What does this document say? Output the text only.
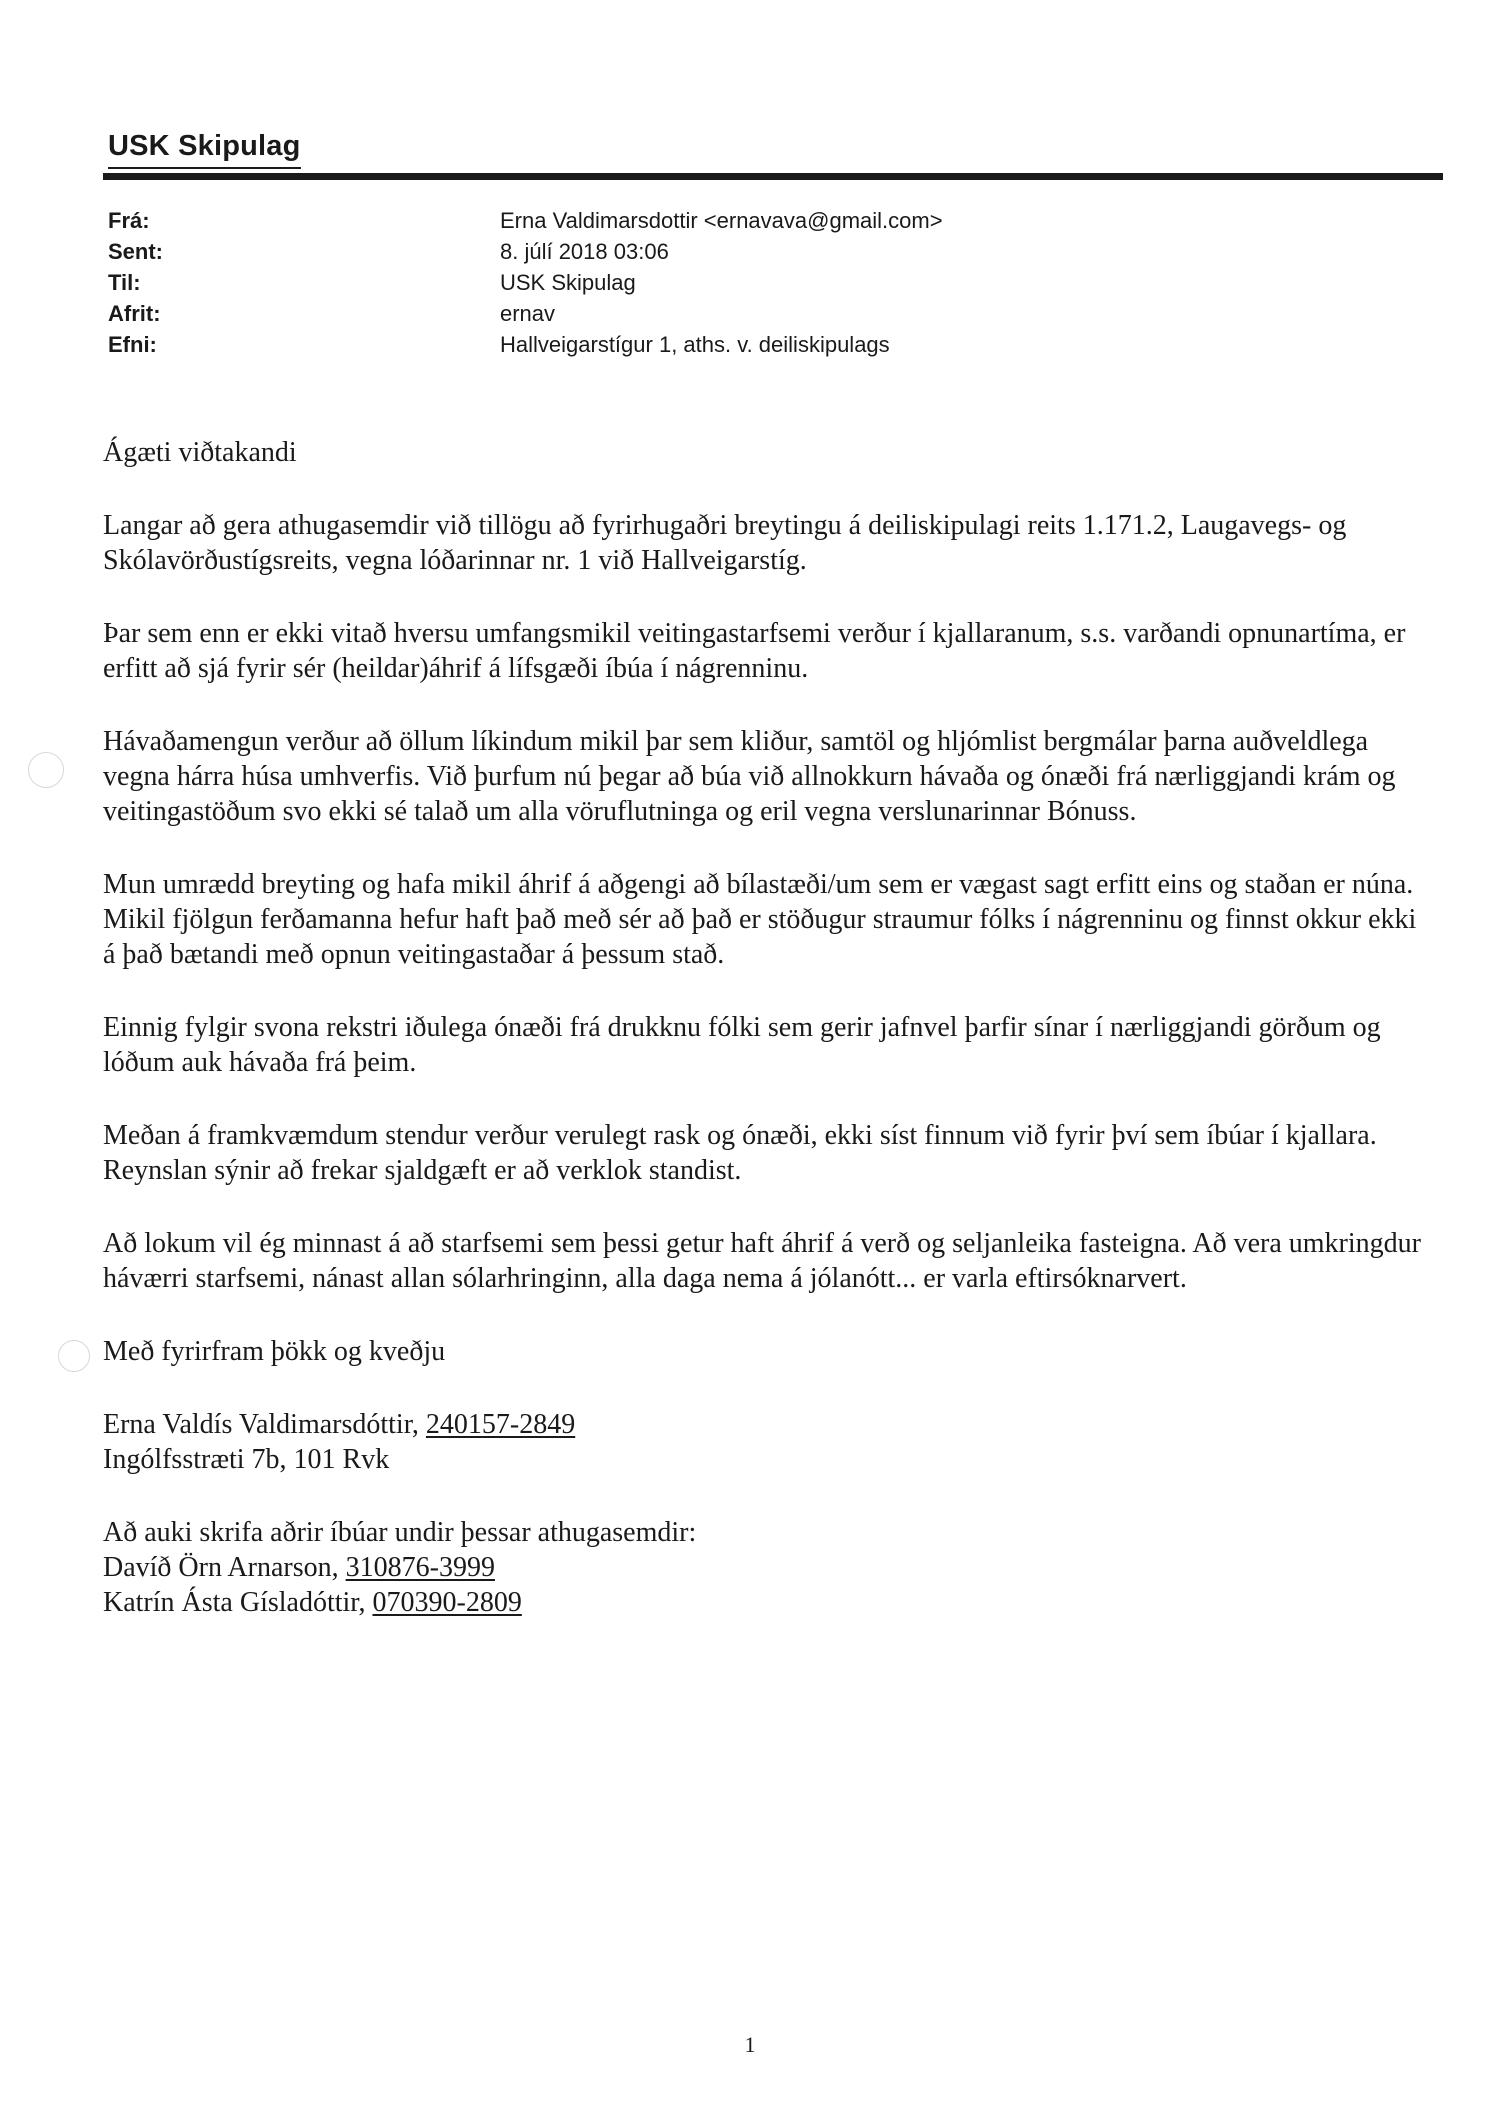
USK Skipulag
Frá:	Erna Valdimarsdottir <ernavava@gmail.com>
Sent:	8. júlí 2018 03:06
Til:	USK Skipulag
Afrit:	ernav
Efni:	Hallveigarstígur 1, aths. v. deiliskipulags

Ágæti viðtakandi

Langar að gera athugasemdir við tillögu að fyrirhugaðri breytingu á deiliskipulagi reits 1.171.2, Laugavegs- og Skólavörðustígsreits, vegna lóðarinnar nr. 1 við Hallveigarstíg.

Þar sem enn er ekki vitað hversu umfangsmikil veitingastarfsemi verður í kjallaranum, s.s. varðandi opnunartíma, er erfitt að sjá fyrir sér (heildar)áhrif á lífsgæði íbúa í nágrenninu.

Hávaðamengun verður að öllum líkindum mikil þar sem kliður, samtöl og hljómlist bergmálar þarna auðveldlega vegna hárra húsa umhverfis. Við þurfum nú þegar að búa við allnokkurn hávaða og ónæði frá nærliggjandi krám og veitingastöðum svo ekki sé talað um alla vöruflutninga og eril vegna verslunarinnar Bónuss.

Mun umrædd breyting og hafa mikil áhrif á aðgengi að bílastæði/um sem er vægast sagt erfitt eins og staðan er núna. Mikil fjölgun ferðamanna hefur haft það með sér að það er stöðugur straumur fólks í nágrenninu og finnst okkur ekki á það bætandi með opnun veitingastaðar á þessum stað.

Einnig fylgir svona rekstri iðulega ónæði frá drukknu fólki sem gerir jafnvel þarfir sínar í nærliggjandi görðum og lóðum auk hávaða frá þeim.

Meðan á framkvæmdum stendur verður verulegt rask og ónæði, ekki síst finnum við fyrir því sem íbúar í kjallara. Reynslan sýnir að frekar sjaldgæft er að verklok standist.

Að lokum vil ég minnast á að starfsemi sem þessi getur haft áhrif á verð og seljanleika fasteigna. Að vera umkringdur háværri starfsemi, nánast allan sólarhringinn, alla daga nema á jólanótt... er varla eftirsóknarvert.

Með fyrirfram þökk og kveðju

Erna Valdís Valdimarsdóttir, 240157-2849

Ingólfsstræti 7b, 101 Rvk

Að auki skrifa aðrir íbúar undir þessar athugasemdir:

Davíð Örn Arnarson, 310876-3999

Katrín Ásta Gísladóttir, 070390-2809

1
